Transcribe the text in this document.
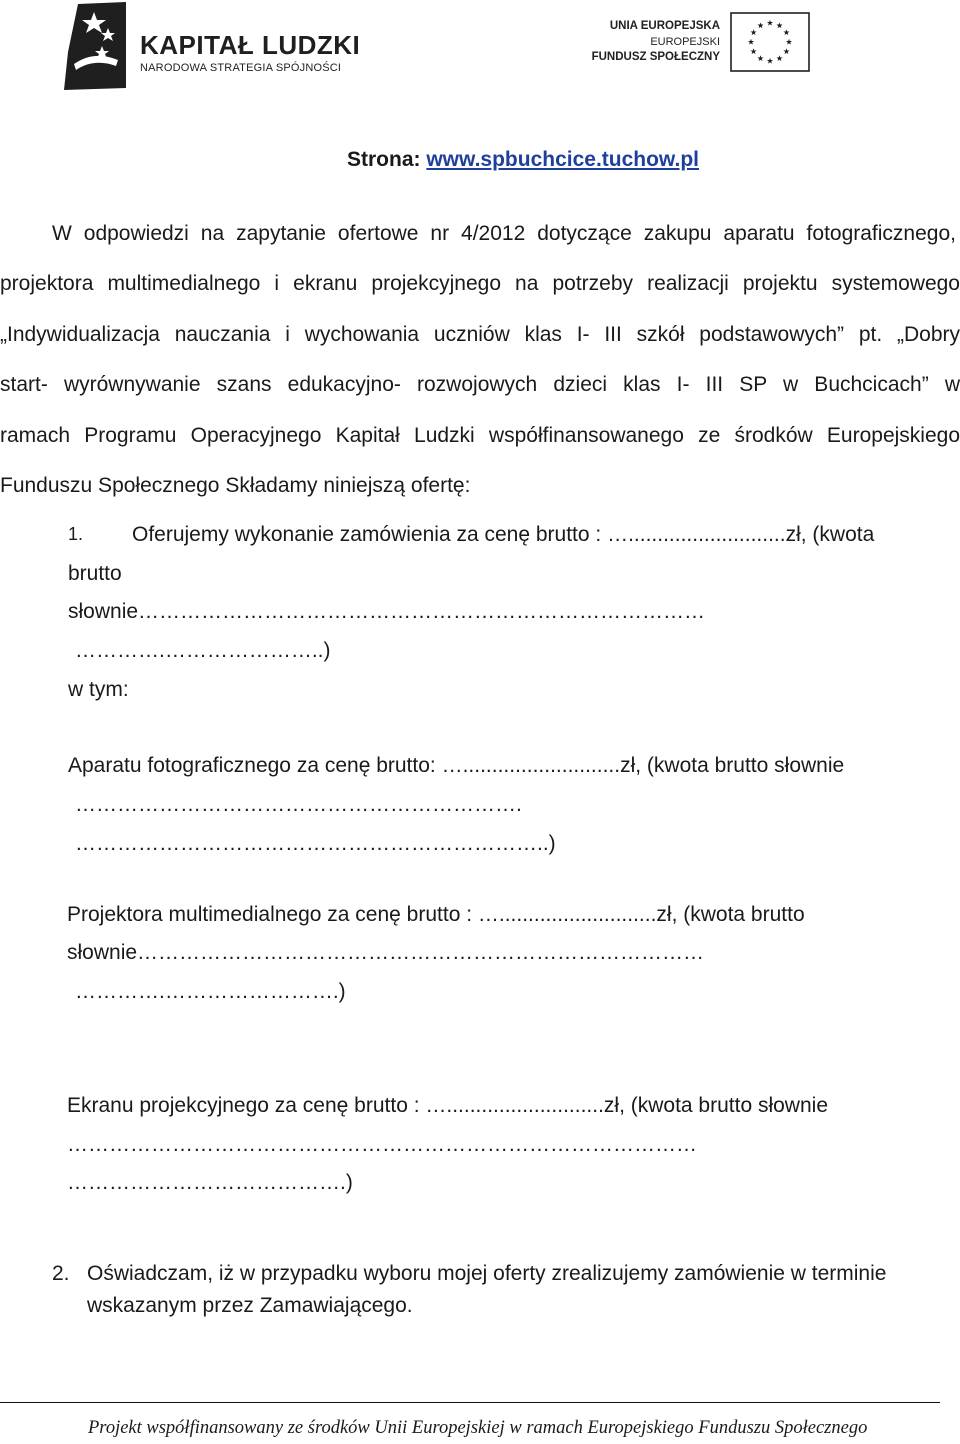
KAPITAŁ LUDZKI
NARODOWA STRATEGIA SPÓJNOŚCI
UNIA EUROPEJSKA
EUROPEJSKI
FUNDUSZ SPOŁECZNY
Strona: www.spbuchcice.tuchow.pl
W odpowiedzi na zapytanie ofertowe nr 4/2012 dotyczące zakupu aparatu fotograficznego,
projektora multimedialnego i ekranu projekcyjnego na potrzeby realizacji projektu systemowego
„Indywidualizacja nauczania i wychowania uczniów klas I- III szkół podstawowych” pt. „Dobry
start- wyrównywanie szans edukacyjno- rozwojowych dzieci klas I- III SP w Buchcicach” w
ramach Programu Operacyjnego Kapitał Ludzki współfinansowanego ze środków Europejskiego
Funduszu Społecznego Składamy niniejszą ofertę:
1. Oferujemy wykonanie zamówienia za cenę brutto : …...........................zł, (kwota
brutto
słownie………………………………………………………………………
………….…………………..)
w tym:
Aparatu fotograficznego za cenę brutto: …...........................zł, (kwota brutto słownie
……………………………………………………….
…………………………………………………………..)
Projektora multimedialnego za cenę brutto : …...........................zł, (kwota brutto
słownie………………………………………………………………………
………….…………………….)
Ekranu projekcyjnego za cenę brutto : …...........................zł, (kwota brutto słownie
………………………………………………………………………………
………………………………….)
2. Oświadczam, iż w przypadku wyboru mojej oferty zrealizujemy zamówienie w terminie
wskazanym przez Zamawiającego.
Projekt współfinansowany ze środków Unii Europejskiej w ramach Europejskiego Funduszu Społecznego
